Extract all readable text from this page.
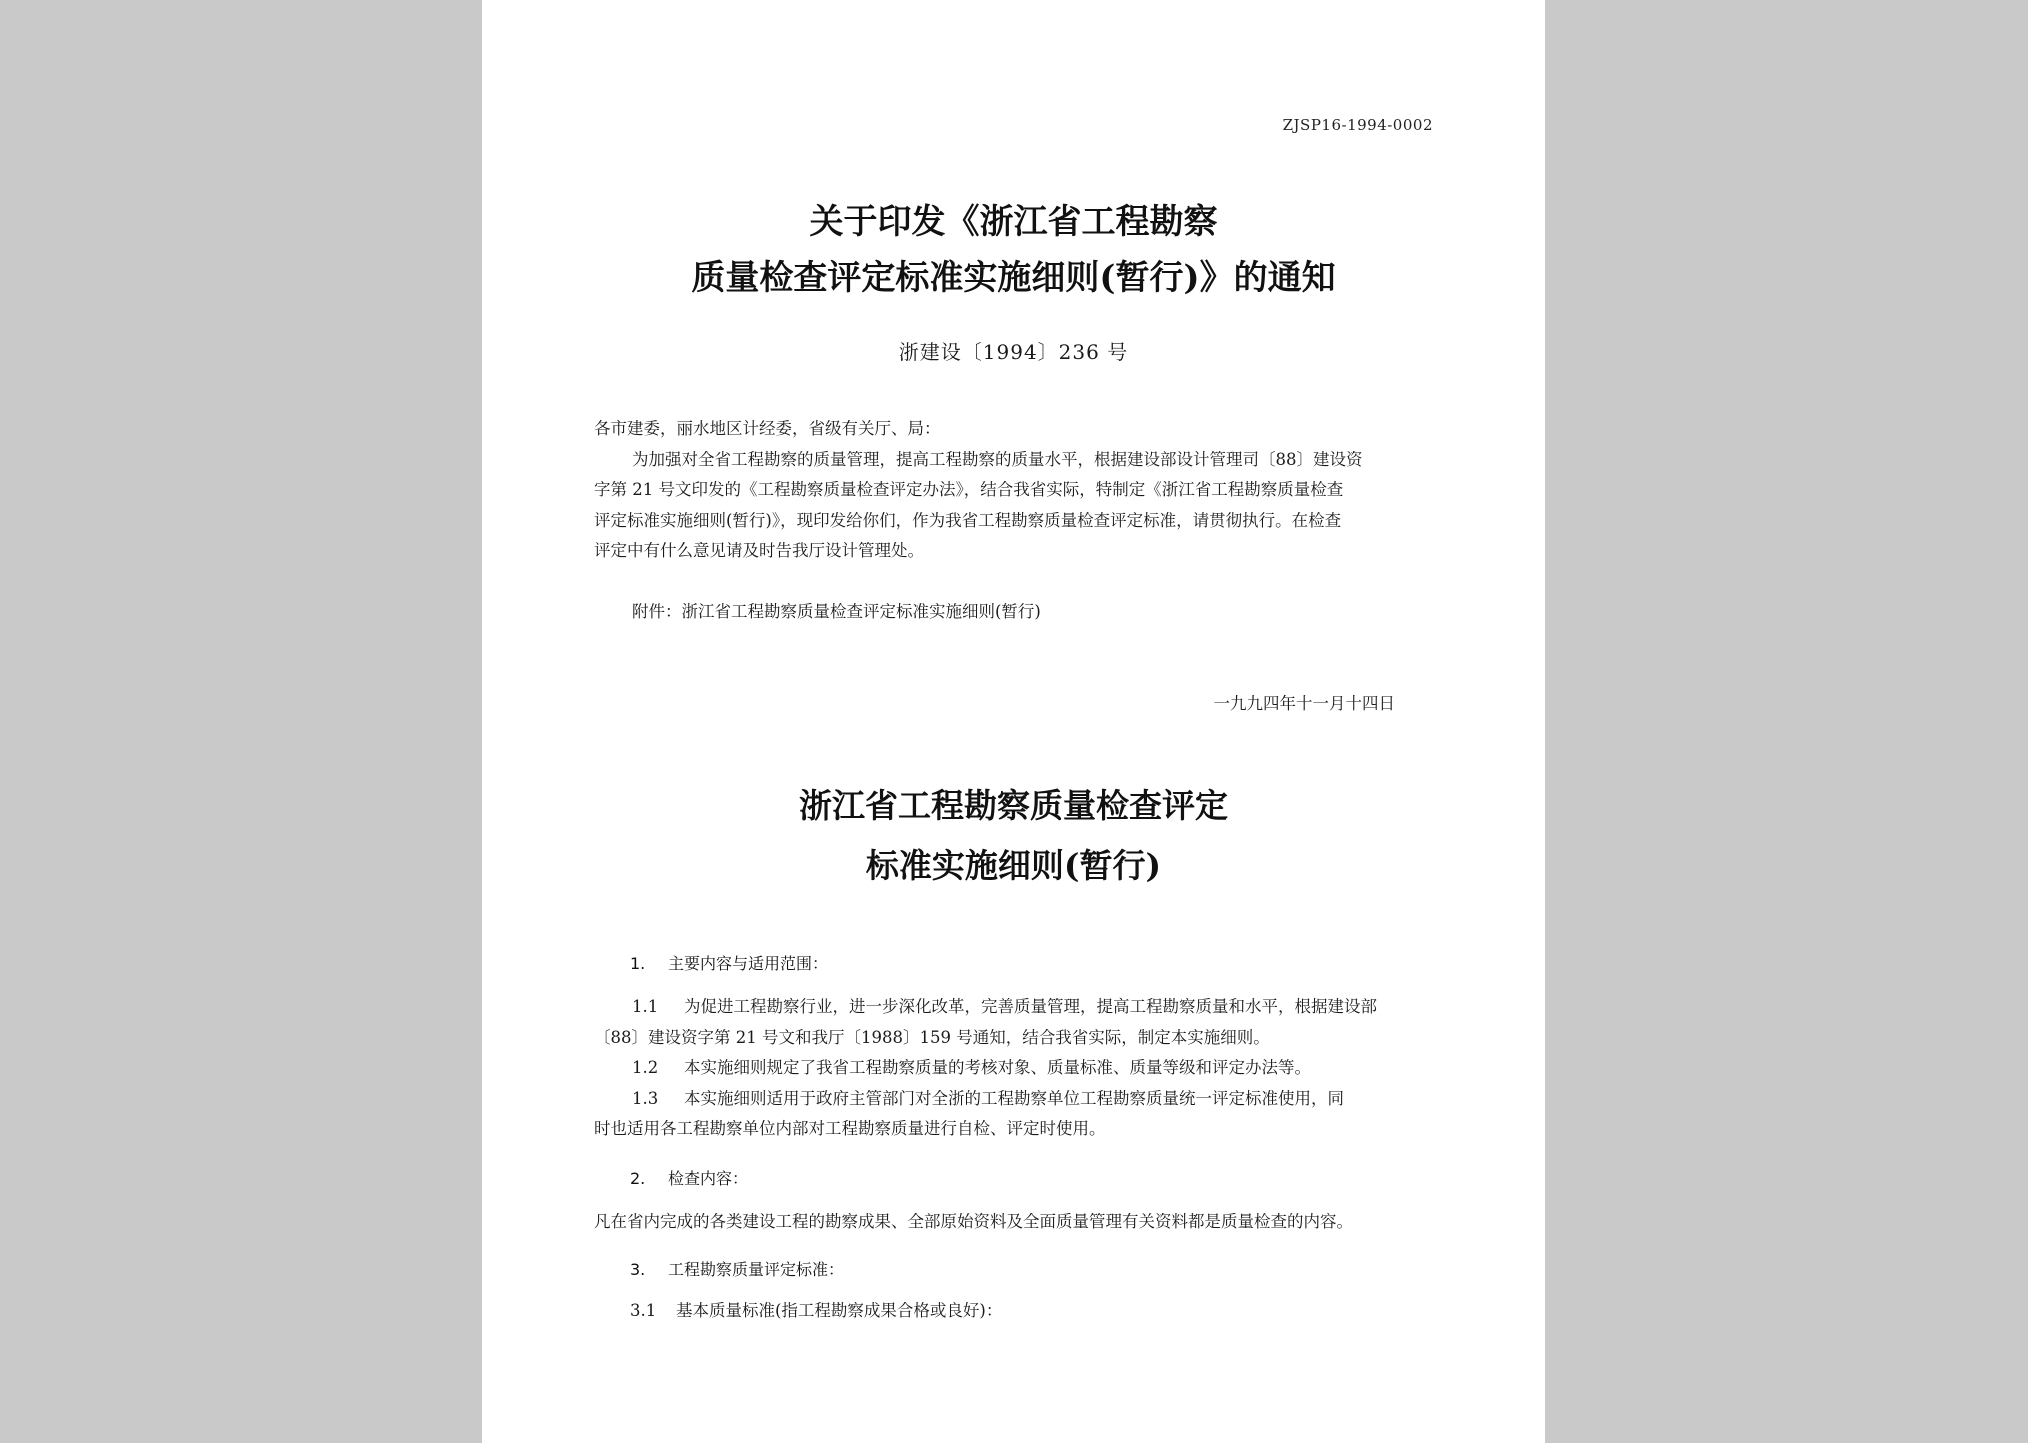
ZJSP16-1994-0002
关于印发《浙江省工程勘察
质量检查评定标准实施细则(暂行)》的通知
浙建设〔1994〕236 号
各市建委，丽水地区计经委，省级有关厅、局：
为加强对全省工程勘察的质量管理，提高工程勘察的质量水平，根据建设部设计管理司〔88〕建设资
字第 21 号文印发的《工程勘察质量检查评定办法》，结合我省实际，特制定《浙江省工程勘察质量检查
评定标准实施细则(暂行)》，现印发给你们，作为我省工程勘察质量检查评定标准，请贯彻执行。在检查
评定中有什么意见请及时告我厅设计管理处。
附件：浙江省工程勘察质量检查评定标准实施细则(暂行)
一九九四年十一月十四日
浙江省工程勘察质量检查评定
标准实施细则(暂行)
1. 主要内容与适用范围：
1.1 为促进工程勘察行业，进一步深化改革，完善质量管理，提高工程勘察质量和水平，根据建设部
〔88〕建设资字第 21 号文和我厅〔1988〕159 号通知，结合我省实际，制定本实施细则。
1.2 本实施细则规定了我省工程勘察质量的考核对象、质量标准、质量等级和评定办法等。
1.3 本实施细则适用于政府主管部门对全浙的工程勘察单位工程勘察质量统一评定标准使用，同
时也适用各工程勘察单位内部对工程勘察质量进行自检、评定时使用。
2. 检查内容：
凡在省内完成的各类建设工程的勘察成果、全部原始资料及全面质量管理有关资料都是质量检查的内容。
3. 工程勘察质量评定标准：
3.1 基本质量标准(指工程勘察成果合格或良好)：
